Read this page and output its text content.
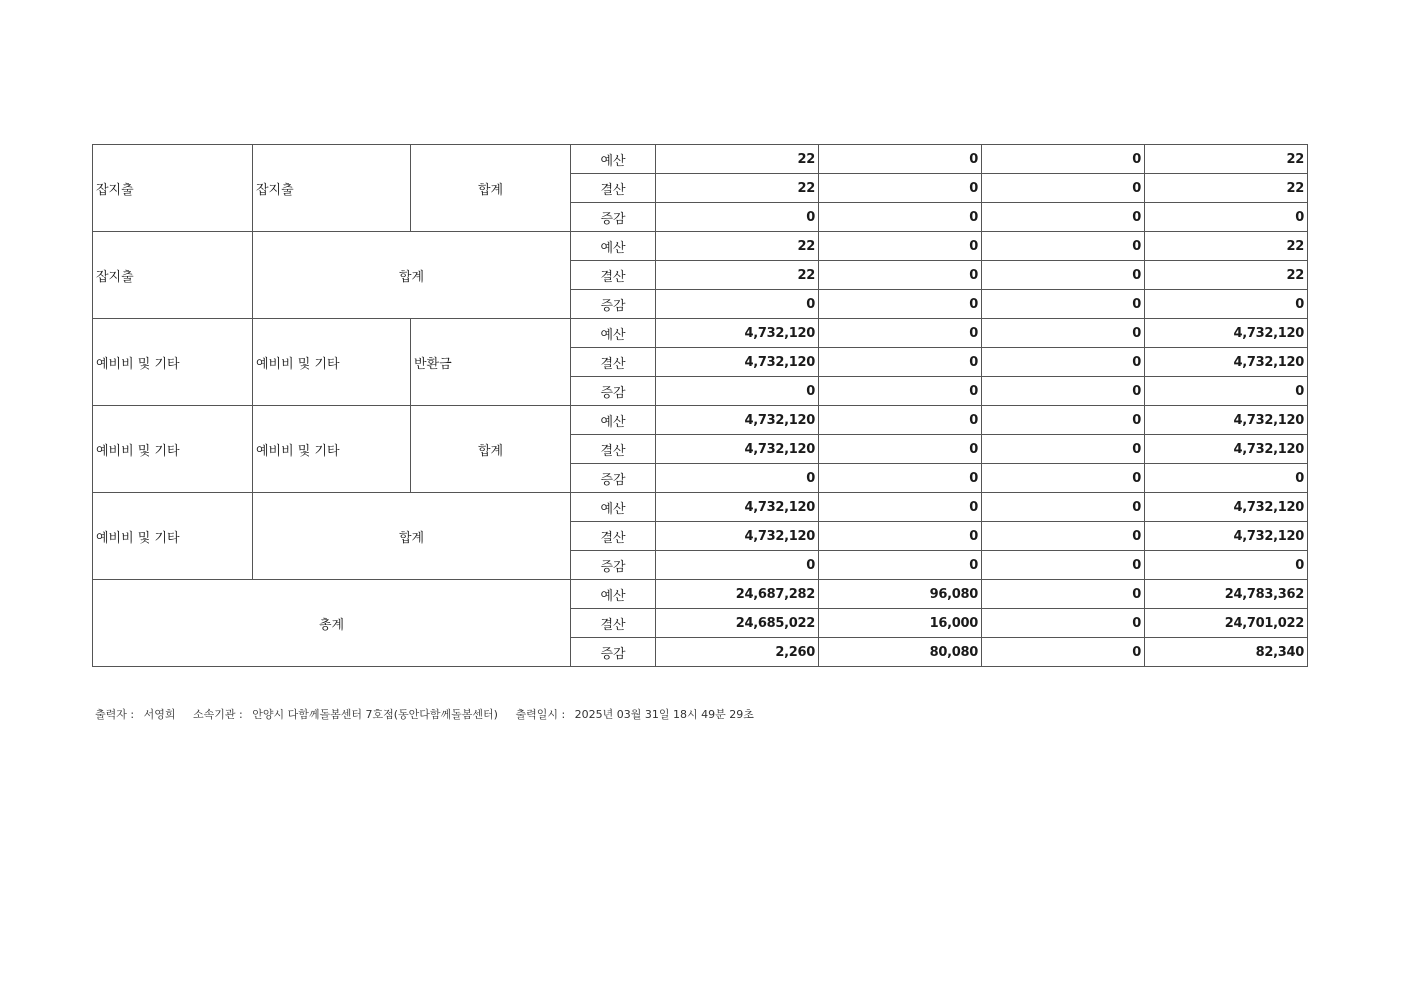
잡지출	잡지출	합계	예산	22	0	0	22
			결산	22	0	0	22
			증감	0	0	0	0
잡지출	합계		예산	22	0	0	22
			결산	22	0	0	22
			증감	0	0	0	0
예비비 및 기타	예비비 및 기타	반환금	예산	4,732,120	0	0	4,732,120
			결산	4,732,120	0	0	4,732,120
			증감	0	0	0	0
예비비 및 기타	예비비 및 기타	합계	예산	4,732,120	0	0	4,732,120
			결산	4,732,120	0	0	4,732,120
			증감	0	0	0	0
예비비 및 기타	합계		예산	4,732,120	0	0	4,732,120
			결산	4,732,120	0	0	4,732,120
			증감	0	0	0	0
총계			예산	24,687,282	96,080	0	24,783,362
			결산	24,685,022	16,000	0	24,701,022
			증감	2,260	80,080	0	82,340
출력자 : 서영희 소속기관 : 안양시 다함께돌봄센터 7호점(동안다함께돌봄센터) 출력일시 : 2025년 03월 31일 18시 49분 29초
